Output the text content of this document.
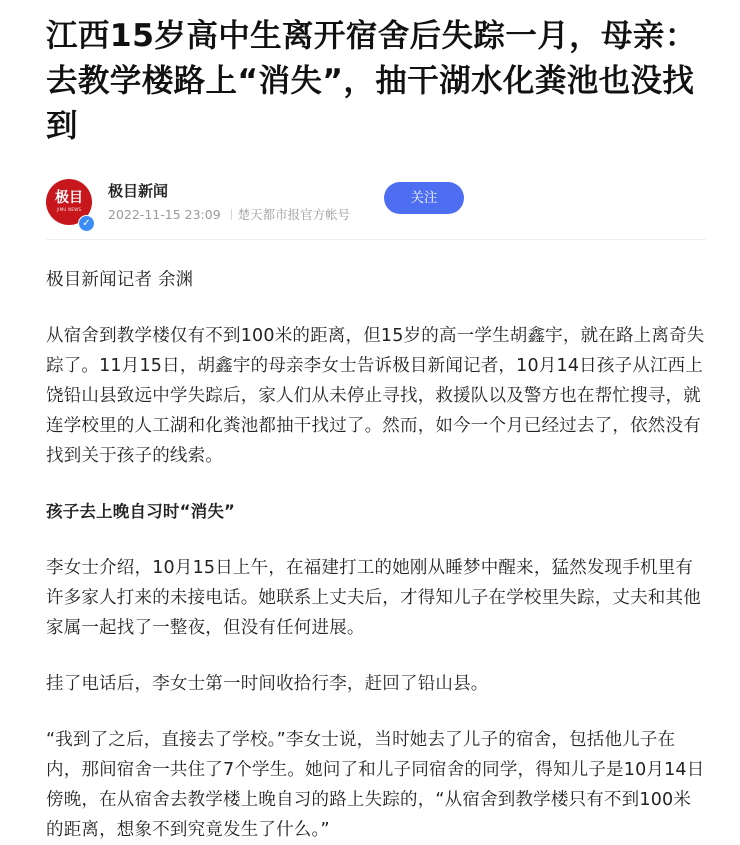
江西15岁高中生离开宿舍后失踪一月，母亲：去教学楼路上“消失”，抽干湖水化粪池也没找到
极目
JIMU NEWS
✓
极目新闻
2022-11-15 23:09 楚天都市报官方帐号
关注

极目新闻记者 余渊

从宿舍到教学楼仅有不到100米的距离，但15岁的高一学生胡鑫宇，就在路上离奇失踪了。11月15日，胡鑫宇的母亲李女士告诉极目新闻记者，10月14日孩子从江西上饶铅山县致远中学失踪后，家人们从未停止寻找，救援队以及警方也在帮忙搜寻，就连学校里的人工湖和化粪池都抽干找过了。然而，如今一个月已经过去了，依然没有找到关于孩子的线索。

孩子去上晚自习时“消失”

李女士介绍，10月15日上午，在福建打工的她刚从睡梦中醒来，猛然发现手机里有许多家人打来的未接电话。她联系上丈夫后，才得知儿子在学校里失踪，丈夫和其他家属一起找了一整夜，但没有任何进展。

挂了电话后，李女士第一时间收拾行李，赶回了铅山县。

“我到了之后，直接去了学校。”李女士说，当时她去了儿子的宿舍，包括他儿子在内，那间宿舍一共住了7个学生。她问了和儿子同宿舍的同学，得知儿子是10月14日傍晚，在从宿舍去教学楼上晚自习的路上失踪的，“从宿舍到教学楼只有不到100米的距离，想象不到究竟发生了什么。”
